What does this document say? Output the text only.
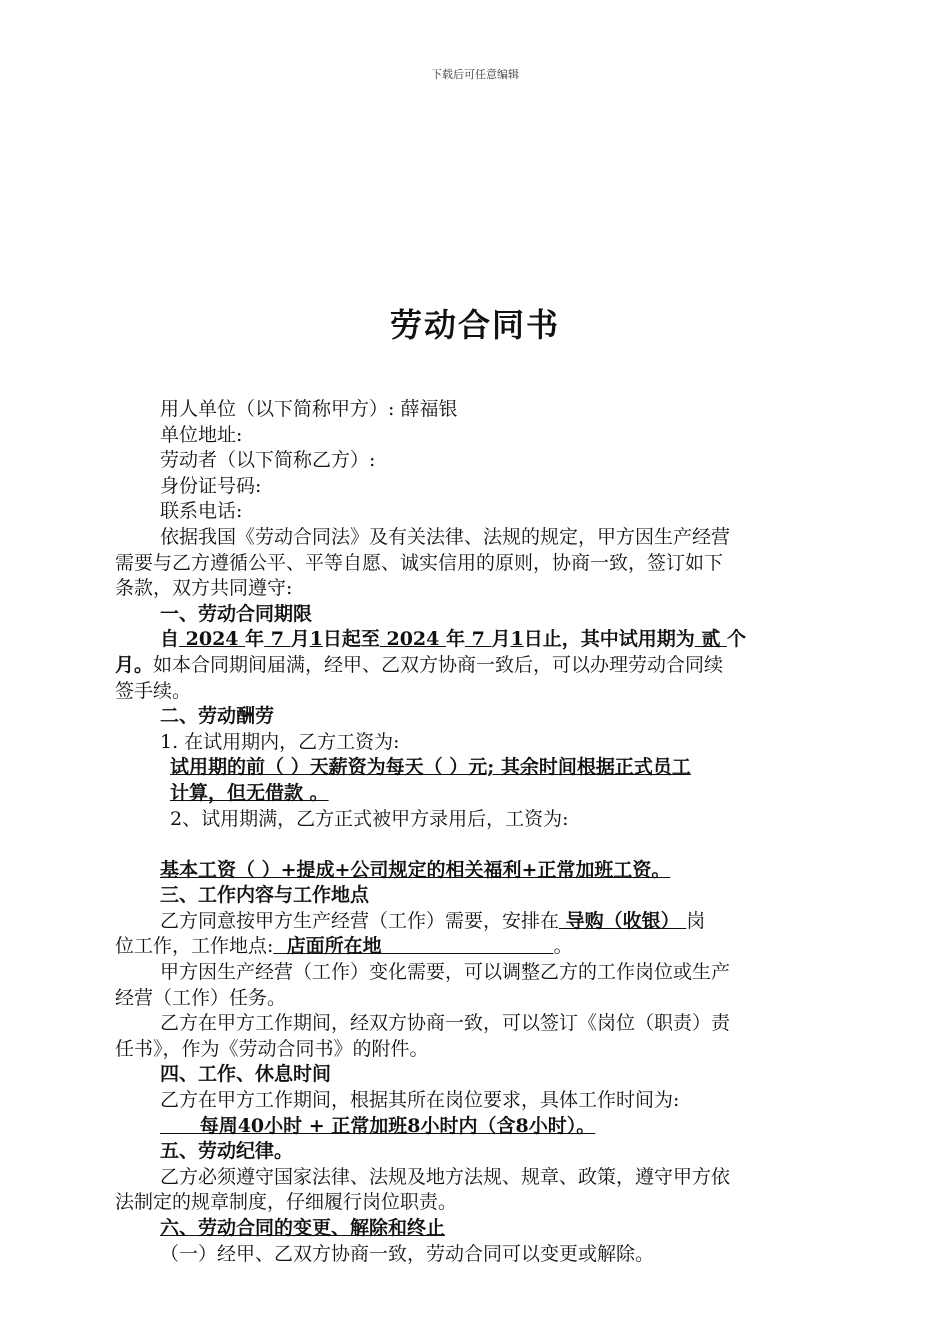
下载后可任意编辑
劳动合同书
用人单位（以下简称甲方）: 薛福银
单位地址:
劳动者（以下简称乙方）:
身份证号码:
联系电话:
依据我国《劳动合同法》及有关法律、法规的规定，甲方因生产经营
需要与乙方遵循公平、平等自愿、诚实信用的原则，协商一致，签订如下
条款，双方共同遵守:
一、劳动合同期限
自 2024 年 7 月1日起至 2024 年 7 月1日止，其中试用期为 贰 个
月。如本合同期间届满，经甲、乙双方协商一致后，可以办理劳动合同续
签手续。
二、劳动酬劳
1. 在试用期内，乙方工资为:
试用期的前（ ）天薪资为每天（ ）元; 其余时间根据正式员工
计算，但无借款 。
2、试用期满，乙方正式被甲方录用后，工资为:
基本工资（ ）+提成+公司规定的相关福利+正常加班工资。
三、工作内容与工作地点
乙方同意按甲方生产经营（工作）需要，安排在 导购（收银） 岗
位工作，工作地点:  店面所在地                          。
甲方因生产经营（工作）变化需要，可以调整乙方的工作岗位或生产
经营（工作）任务。
乙方在甲方工作期间，经双方协商一致，可以签订《岗位（职责）责
任书》，作为《劳动合同书》的附件。
四、工作、休息时间
乙方在甲方工作期间，根据其所在岗位要求，具体工作时间为:
每周40小时 + 正常加班8小时内（含8小时）。
五、劳动纪律。
乙方必须遵守国家法律、法规及地方法规、规章、政策，遵守甲方依
法制定的规章制度，仔细履行岗位职责。
六、劳动合同的变更、解除和终止
（一）经甲、乙双方协商一致，劳动合同可以变更或解除。
